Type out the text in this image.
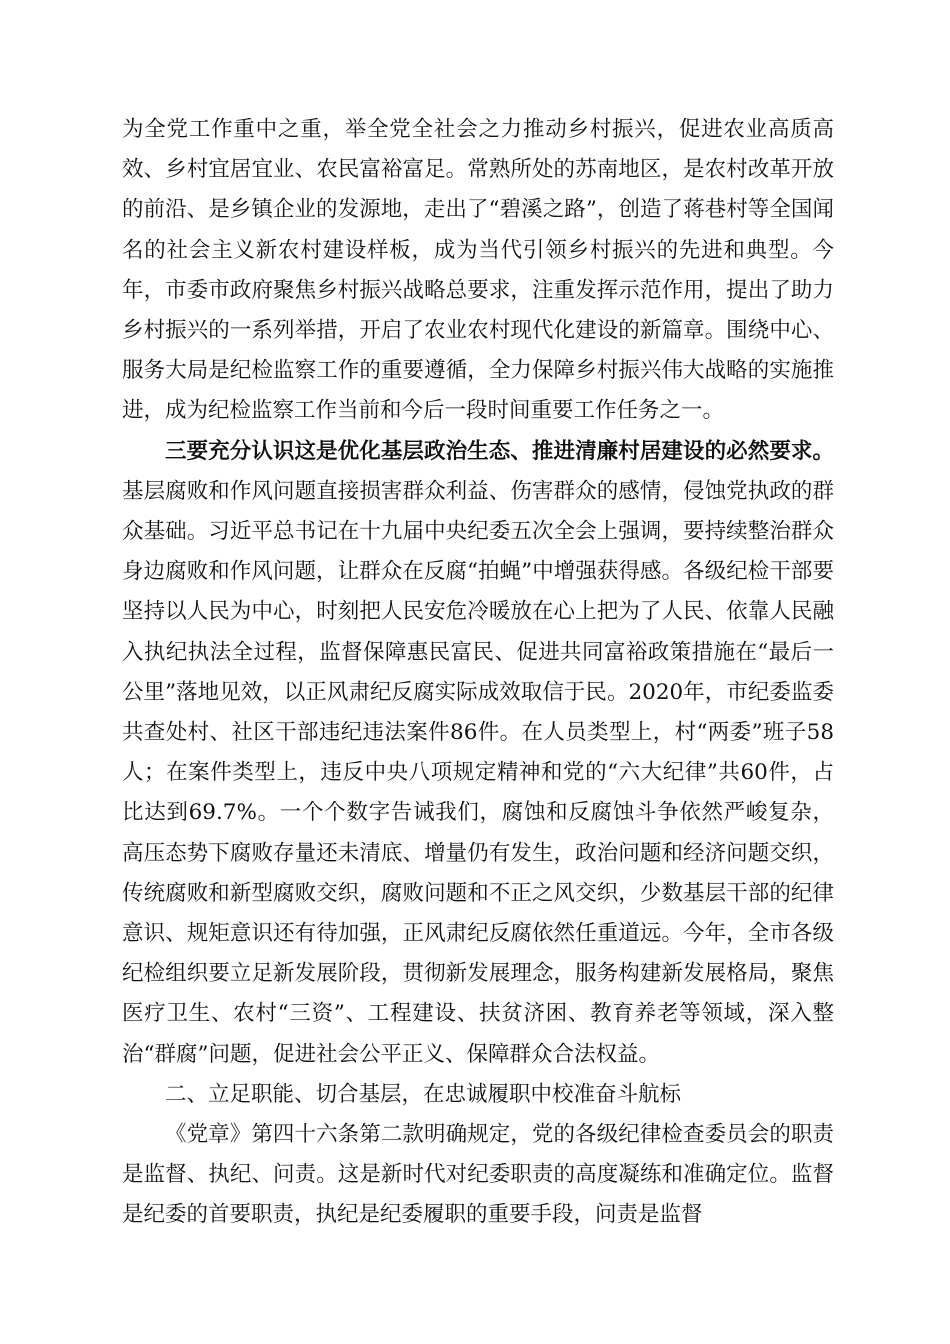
为全党工作重中之重，举全党全社会之力推动乡村振兴，促进农业高质高效、乡村宜居宜业、农民富裕富足。常熟所处的苏南地区，是农村改革开放的前沿、是乡镇企业的发源地，走出了“碧溪之路”，创造了蒋巷村等全国闻名的社会主义新农村建设样板，成为当代引领乡村振兴的先进和典型。今年，市委市政府聚焦乡村振兴战略总要求，注重发挥示范作用，提出了助力乡村振兴的一系列举措，开启了农业农村现代化建设的新篇章。围绕中心、服务大局是纪检监察工作的重要遵循，全力保障乡村振兴伟大战略的实施推进，成为纪检监察工作当前和今后一段时间重要工作任务之一。

三要充分认识这是优化基层政治生态、推进清廉村居建设的必然要求。基层腐败和作风问题直接损害群众利益、伤害群众的感情，侵蚀党执政的群众基础。习近平总书记在十九届中央纪委五次全会上强调，要持续整治群众身边腐败和作风问题，让群众在反腐“拍蝇”中增强获得感。各级纪检干部要坚持以人民为中心，时刻把人民安危冷暖放在心上把为了人民、依靠人民融入执纪执法全过程，监督保障惠民富民、促进共同富裕政策措施在“最后一公里”落地见效，以正风肃纪反腐实际成效取信于民。2020年，市纪委监委共查处村、社区干部违纪违法案件86件。在人员类型上，村“两委”班子58人；在案件类型上，违反中央八项规定精神和党的“六大纪律”共60件，占比达到69.7%。一个个数字告诫我们，腐蚀和反腐蚀斗争依然严峻复杂，高压态势下腐败存量还未清底、增量仍有发生，政治问题和经济问题交织，传统腐败和新型腐败交织，腐败问题和不正之风交织，少数基层干部的纪律意识、规矩意识还有待加强，正风肃纪反腐依然任重道远。今年，全市各级纪检组织要立足新发展阶段，贯彻新发展理念，服务构建新发展格局，聚焦医疗卫生、农村“三资”、工程建设、扶贫济困、教育养老等领域，深入整治“群腐”问题，促进社会公平正义、保障群众合法权益。

二、立足职能、切合基层，在忠诚履职中校准奋斗航标

《党章》第四十六条第二款明确规定，党的各级纪律检查委员会的职责是监督、执纪、问责。这是新时代对纪委职责的高度凝练和准确定位。监督是纪委的首要职责，执纪是纪委履职的重要手段，问责是监督
